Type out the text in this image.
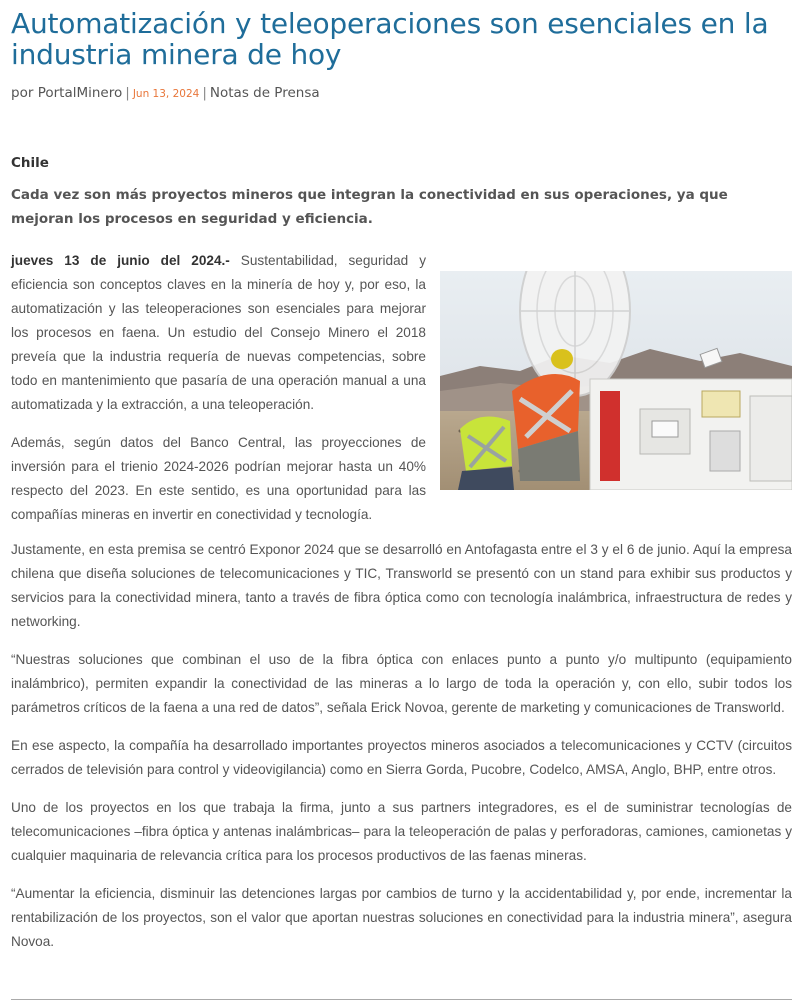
Automatización y teleoperaciones son esenciales en la industria minera de hoy
por PortalMinero | Jun 13, 2024 | Notas de Prensa
Chile
Cada vez son más proyectos mineros que integran la conectividad en sus operaciones, ya que mejoran los procesos en seguridad y eficiencia.

jueves 13 de junio del 2024.- Sustentabilidad, seguridad y eficiencia son conceptos claves en la minería de hoy y, por eso, la automatización y las teleoperaciones son esenciales para mejorar los procesos en faena. Un estudio del Consejo Minero el 2018 preveía que la industria requería de nuevas competencias, sobre todo en mantenimiento que pasaría de una operación manual a una automatizada y la extracción, a una teleoperación.

Además, según datos del Banco Central, las proyecciones de inversión para el trienio 2024-2026 podrían mejorar hasta un 40% respecto del 2023. En este sentido, es una oportunidad para las compañías mineras en invertir en conectividad y tecnología.

Justamente, en esta premisa se centró Exponor 2024 que se desarrolló en Antofagasta entre el 3 y el 6 de junio. Aquí la empresa chilena que diseña soluciones de telecomunicaciones y TIC, Transworld se presentó con un stand para exhibir sus productos y servicios para la conectividad minera, tanto a través de fibra óptica como con tecnología inalámbrica, infraestructura de redes y networking.

“Nuestras soluciones que combinan el uso de la fibra óptica con enlaces punto a punto y/o multipunto (equipamiento inalámbrico), permiten expandir la conectividad de las mineras a lo largo de toda la operación y, con ello, subir todos los parámetros críticos de la faena a una red de datos”, señala Erick Novoa, gerente de marketing y comunicaciones de Transworld.

En ese aspecto, la compañía ha desarrollado importantes proyectos mineros asociados a telecomunicaciones y CCTV (circuitos cerrados de televisión para control y videovigilancia) como en Sierra Gorda, Pucobre, Codelco, AMSA, Anglo, BHP, entre otros.

Uno de los proyectos en los que trabaja la firma, junto a sus partners integradores, es el de suministrar tecnologías de telecomunicaciones –fibra óptica y antenas inalámbricas– para la teleoperación de palas y perforadoras, camiones, camionetas y cualquier maquinaria de relevancia crítica para los procesos productivos de las faenas mineras.

“Aumentar la eficiencia, disminuir las detenciones largas por cambios de turno y la accidentabilidad y, por ende, incrementar la rentabilización de los proyectos, son el valor que aportan nuestras soluciones en conectividad para la industria minera”, asegura Novoa.
